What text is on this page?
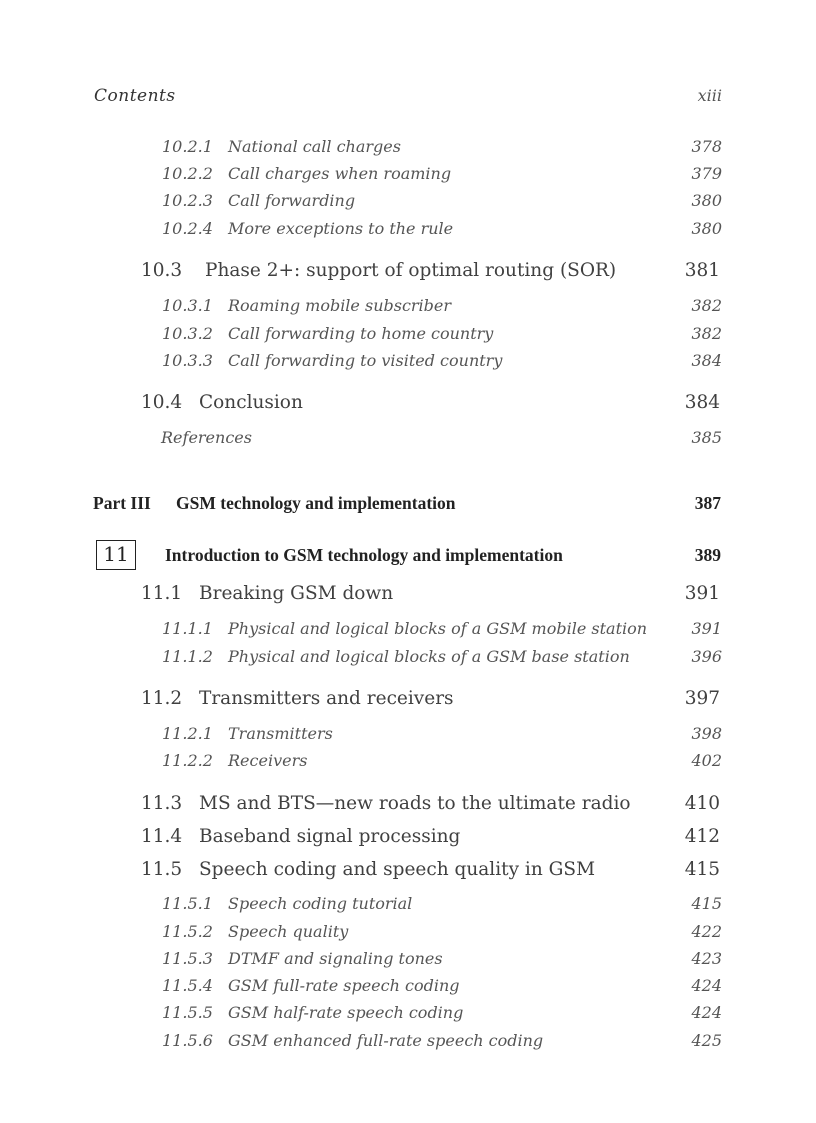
Contents	xiii
10.2.1 National call charges	378
10.2.2 Call charges when roaming	379
10.2.3 Call forwarding	380
10.2.4 More exceptions to the rule	380
10.3 Phase 2+: support of optimal routing (SOR)	381
10.3.1 Roaming mobile subscriber	382
10.3.2 Call forwarding to home country	382
10.3.3 Call forwarding to visited country	384
10.4 Conclusion	384
References	385
Part III GSM technology and implementation	387
11	Introduction to GSM technology and implementation	389
11.1 Breaking GSM down	391
11.1.1 Physical and logical blocks of a GSM mobile station	391
11.1.2 Physical and logical blocks of a GSM base station	396
11.2 Transmitters and receivers	397
11.2.1 Transmitters	398
11.2.2 Receivers	402
11.3 MS and BTS—new roads to the ultimate radio	410
11.4 Baseband signal processing	412
11.5 Speech coding and speech quality in GSM	415
11.5.1 Speech coding tutorial	415
11.5.2 Speech quality	422
11.5.3 DTMF and signaling tones	423
11.5.4 GSM full-rate speech coding	424
11.5.5 GSM half-rate speech coding	424
11.5.6 GSM enhanced full-rate speech coding	425
